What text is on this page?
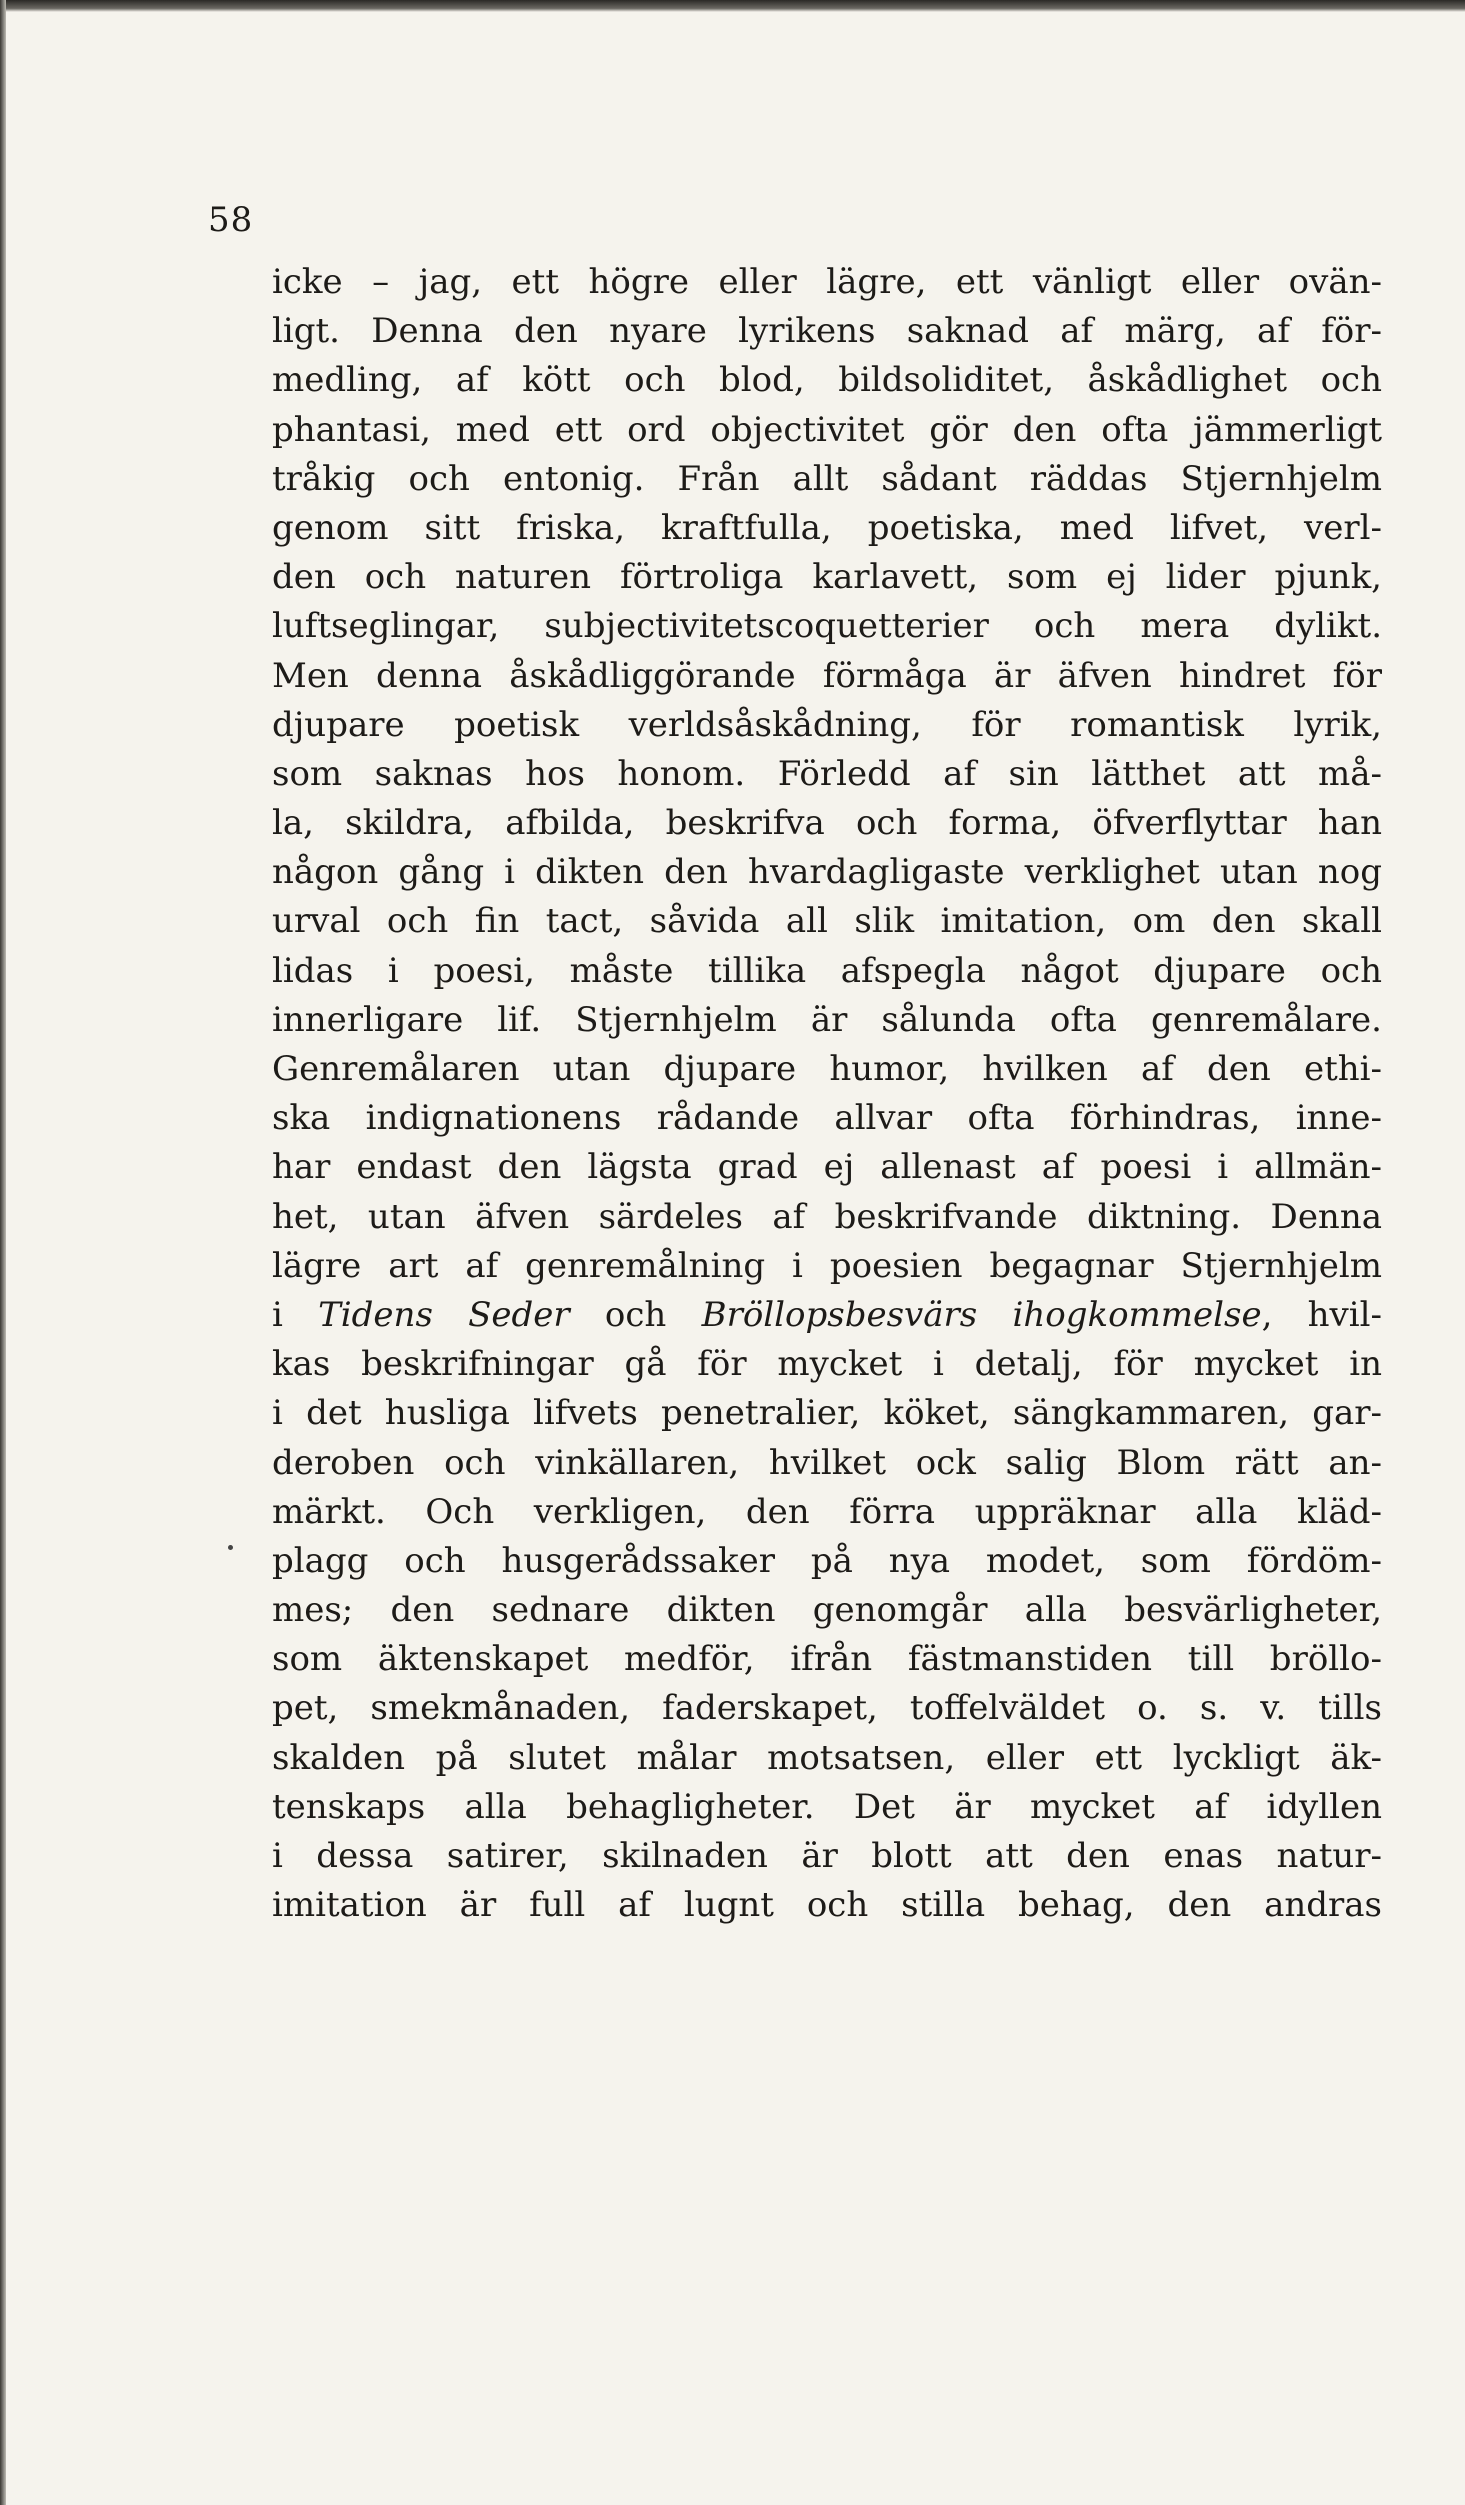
58
icke – jag, ett högre eller lägre, ett vänligt eller ovän-
ligt. Denna den nyare lyrikens saknad af märg, af för-
medling, af kött och blod, bildsoliditet, åskådlighet och
phantasi, med ett ord objectivitet gör den ofta jämmerligt
tråkig och entonig. Från allt sådant räddas Stjernhjelm
genom sitt friska, kraftfulla, poetiska, med lifvet, verl-
den och naturen förtroliga karlavett, som ej lider pjunk,
luftseglingar, subjectivitetscoquetterier och mera dylikt.
Men denna åskådliggörande förmåga är äfven hindret för
djupare poetisk verldsåskådning, för romantisk lyrik,
som saknas hos honom. Förledd af sin lätthet att må-
la, skildra, afbilda, beskrifva och forma, öfverflyttar han
någon gång i dikten den hvardagligaste verklighet utan nog
urval och fin tact, såvida all slik imitation, om den skall
lidas i poesi, måste tillika afspegla något djupare och
innerligare lif. Stjernhjelm är sålunda ofta genremålare.
Genremålaren utan djupare humor, hvilken af den ethi-
ska indignationens rådande allvar ofta förhindras, inne-
har endast den lägsta grad ej allenast af poesi i allmän-
het, utan äfven särdeles af beskrifvande diktning. Denna
lägre art af genremålning i poesien begagnar Stjernhjelm
i Tidens Seder och Bröllopsbesvärs ihogkommelse, hvil-
kas beskrifningar gå för mycket i detalj, för mycket in
i det husliga lifvets penetralier, köket, sängkammaren, gar-
deroben och vinkällaren, hvilket ock salig Blom rätt an-
märkt. Och verkligen, den förra uppräknar alla kläd-
plagg och husgerådssaker på nya modet, som fördöm-
mes; den sednare dikten genomgår alla besvärligheter,
som äktenskapet medför, ifrån fästmanstiden till bröllo-
pet, smekmånaden, faderskapet, toffelväldet o. s. v. tills
skalden på slutet målar motsatsen, eller ett lyckligt äk-
tenskaps alla behagligheter. Det är mycket af idyllen
i dessa satirer, skilnaden är blott att den enas natur-
imitation är full af lugnt och stilla behag, den andras
